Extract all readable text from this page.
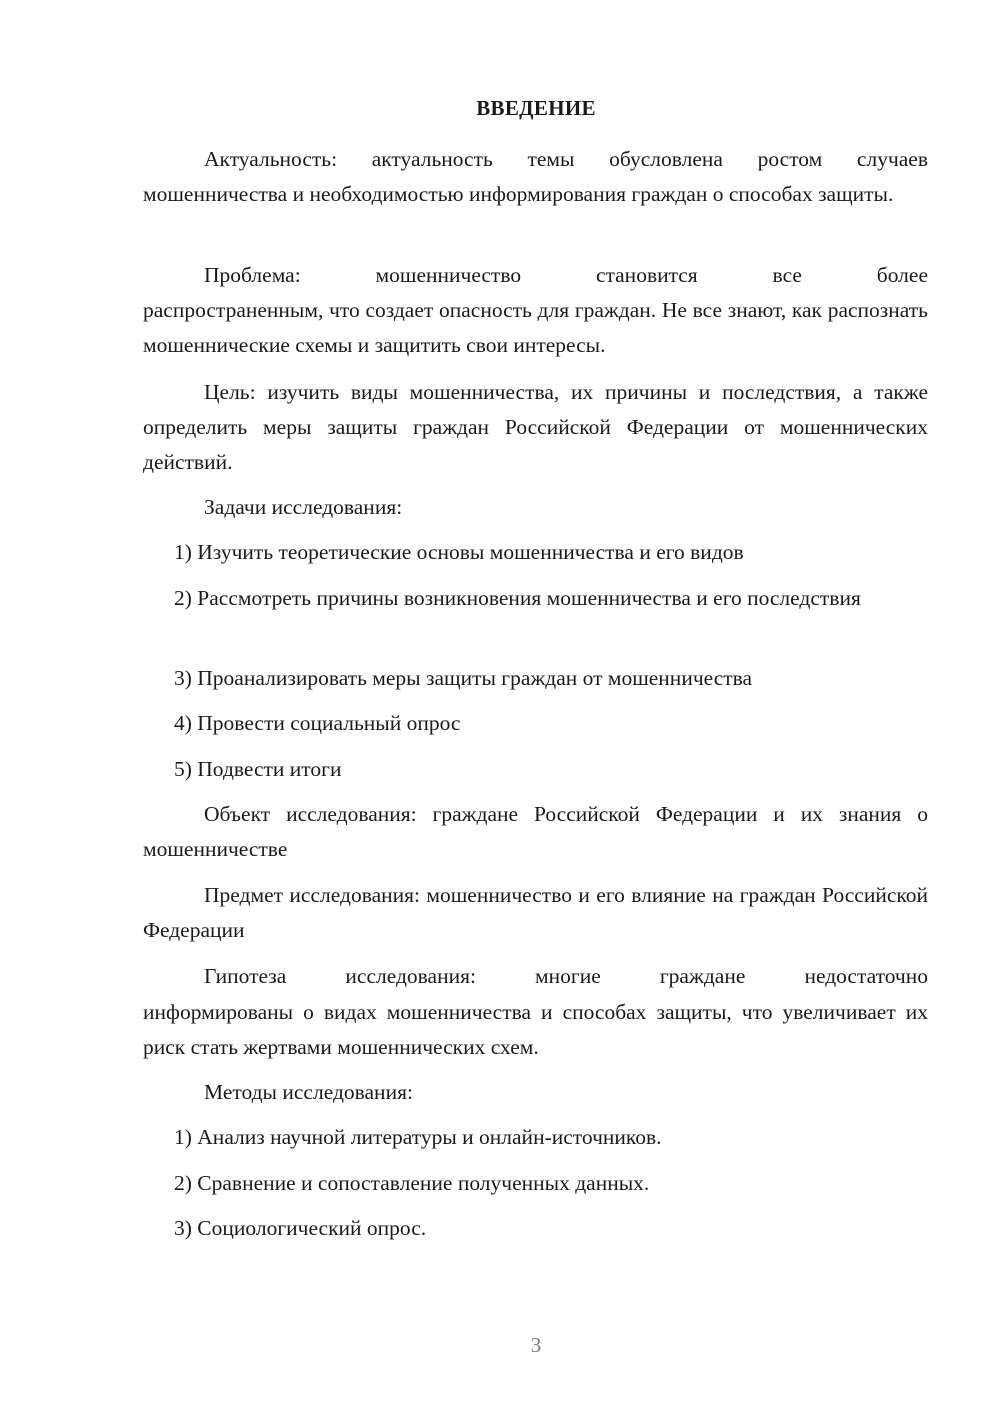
ВВЕДЕНИЕ
Актуальность: актуальность темы обусловлена ростом случаев мошенничества и необходимостью информирования граждан о способах защиты.
Проблема: мошенничество становится все более
распространенным, что создает опасность для граждан. Не все знают, как распознать мошеннические схемы и защитить свои интересы.
Цель: изучить виды мошенничества, их причины и последствия, а также определить меры защиты граждан Российской Федерации от мошеннических действий.
Задачи исследования:
1) Изучить теоретические основы мошенничества и его видов
2) Рассмотреть причины возникновения мошенничества и его последствия
3) Проанализировать меры защиты граждан от мошенничества
4) Провести социальный опрос
5) Подвести итоги
Объект исследования: граждане Российской Федерации и их знания о мошенничестве
Предмет исследования: мошенничество и его влияние на граждан Российской Федерации
Гипотеза исследования: многие граждане недостаточно
информированы о видах мошенничества и способах защиты, что увеличивает их риск стать жертвами мошеннических схем.
Методы исследования:
1) Анализ научной литературы и онлайн-источников.
2) Сравнение и сопоставление полученных данных.
3) Социологический опрос.
3
